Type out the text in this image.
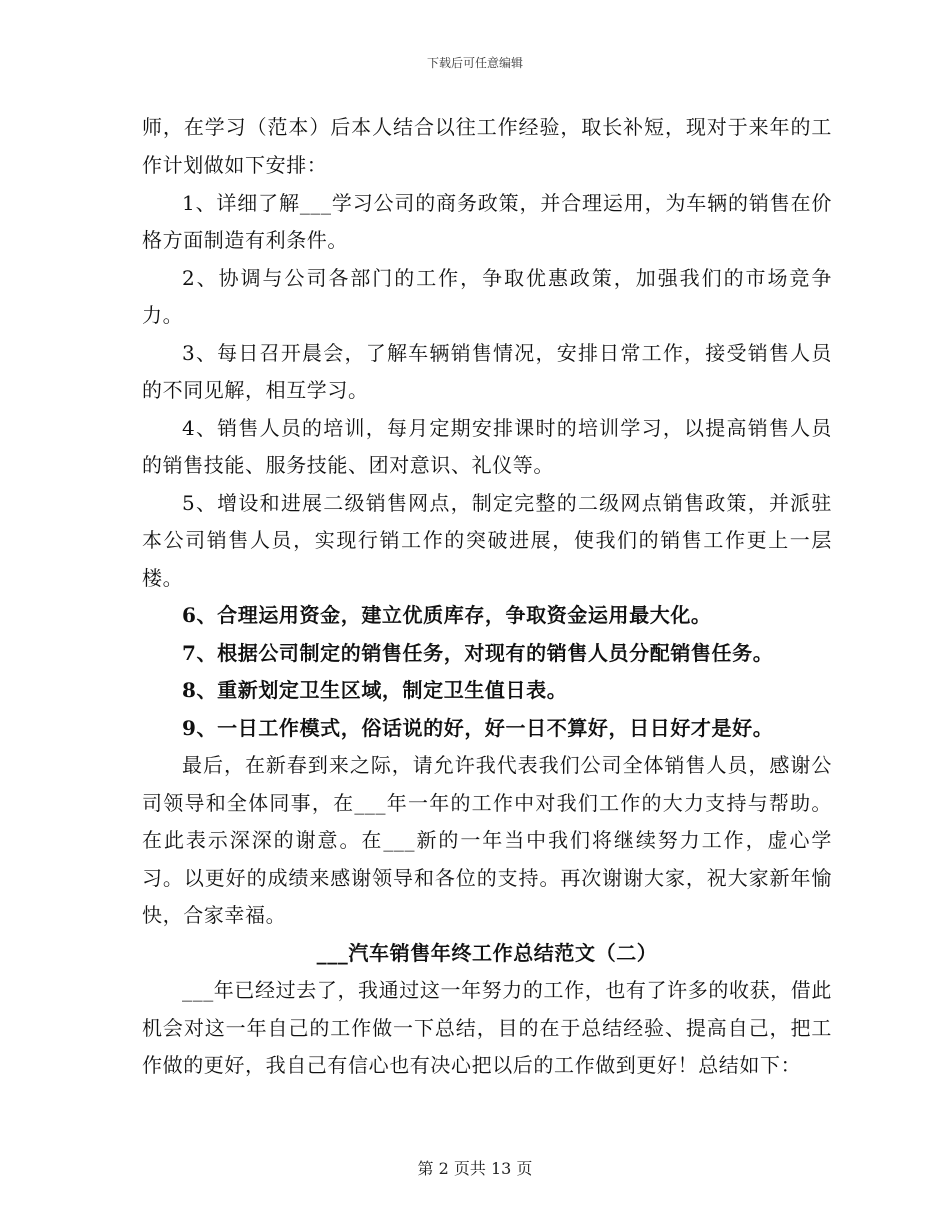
下载后可任意编辑

师，在学习（范本）后本人结合以往工作经验，取长补短，现对于来年的工作计划做如下安排：

1、详细了解___学习公司的商务政策，并合理运用，为车辆的销售在价格方面制造有利条件。

2、协调与公司各部门的工作，争取优惠政策，加强我们的市场竞争力。

3、每日召开晨会，了解车辆销售情况，安排日常工作，接受销售人员的不同见解，相互学习。

4、销售人员的培训，每月定期安排课时的培训学习，以提高销售人员的销售技能、服务技能、团对意识、礼仪等。

5、增设和进展二级销售网点，制定完整的二级网点销售政策，并派驻本公司销售人员，实现行销工作的突破进展，使我们的销售工作更上一层楼。

6、合理运用资金，建立优质库存，争取资金运用最大化。

7、根据公司制定的销售任务，对现有的销售人员分配销售任务。

8、重新划定卫生区域，制定卫生值日表。

9、一日工作模式，俗话说的好，好一日不算好，日日好才是好。

最后，在新春到来之际，请允许我代表我们公司全体销售人员，感谢公司领导和全体同事，在___年一年的工作中对我们工作的大力支持与帮助。在此表示深深的谢意。在___新的一年当中我们将继续努力工作，虚心学习。以更好的成绩来感谢领导和各位的支持。再次谢谢大家，祝大家新年愉快，合家幸福。

___汽车销售年终工作总结范文（二）

___年已经过去了，我通过这一年努力的工作，也有了许多的收获，借此机会对这一年自己的工作做一下总结，目的在于总结经验、提高自己，把工作做的更好，我自己有信心也有决心把以后的工作做到更好！总结如下：

第 2 页共 13 页
